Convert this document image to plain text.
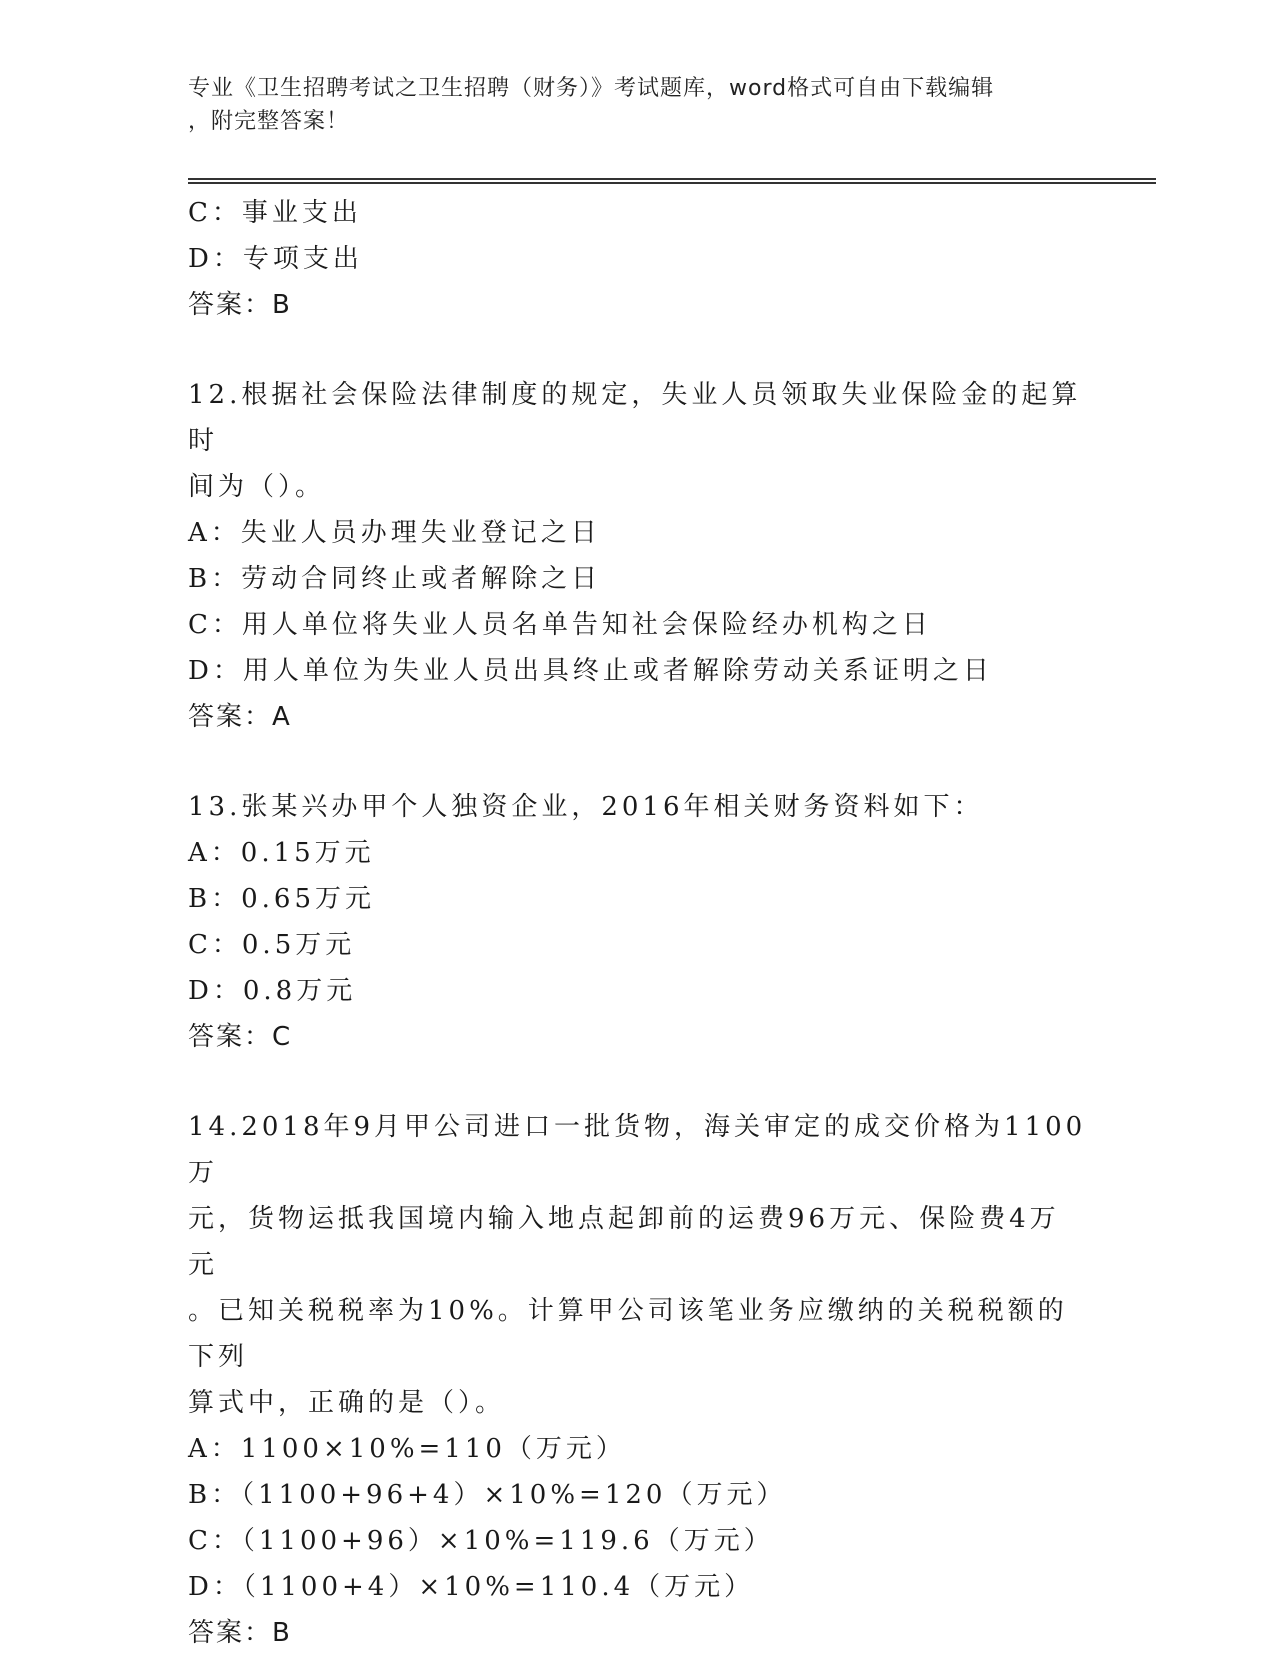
专业《卫生招聘考试之卫生招聘（财务）》考试题库，word格式可自由下载编辑
，附完整答案！
C：事业支出
D：专项支出
答案：B
12.根据社会保险法律制度的规定，失业人员领取失业保险金的起算时
间为（）。
A：失业人员办理失业登记之日
B：劳动合同终止或者解除之日
C：用人单位将失业人员名单告知社会保险经办机构之日
D：用人单位为失业人员出具终止或者解除劳动关系证明之日
答案：A
13.张某兴办甲个人独资企业，2016年相关财务资料如下：
A：0.15万元
B：0.65万元
C：0.5万元
D：0.8万元
答案：C
14.2018年9月甲公司进口一批货物，海关审定的成交价格为1100万
元，货物运抵我国境内输入地点起卸前的运费96万元、保险费4万元
。已知关税税率为10%。计算甲公司该笔业务应缴纳的关税税额的下列
算式中，正确的是（）。
A：1100×10%=110（万元）
B：（1100+96+4）×10%=120（万元）
C：（1100+96）×10%=119.6（万元）
D：（1100+4）×10%=110.4（万元）
答案：B
